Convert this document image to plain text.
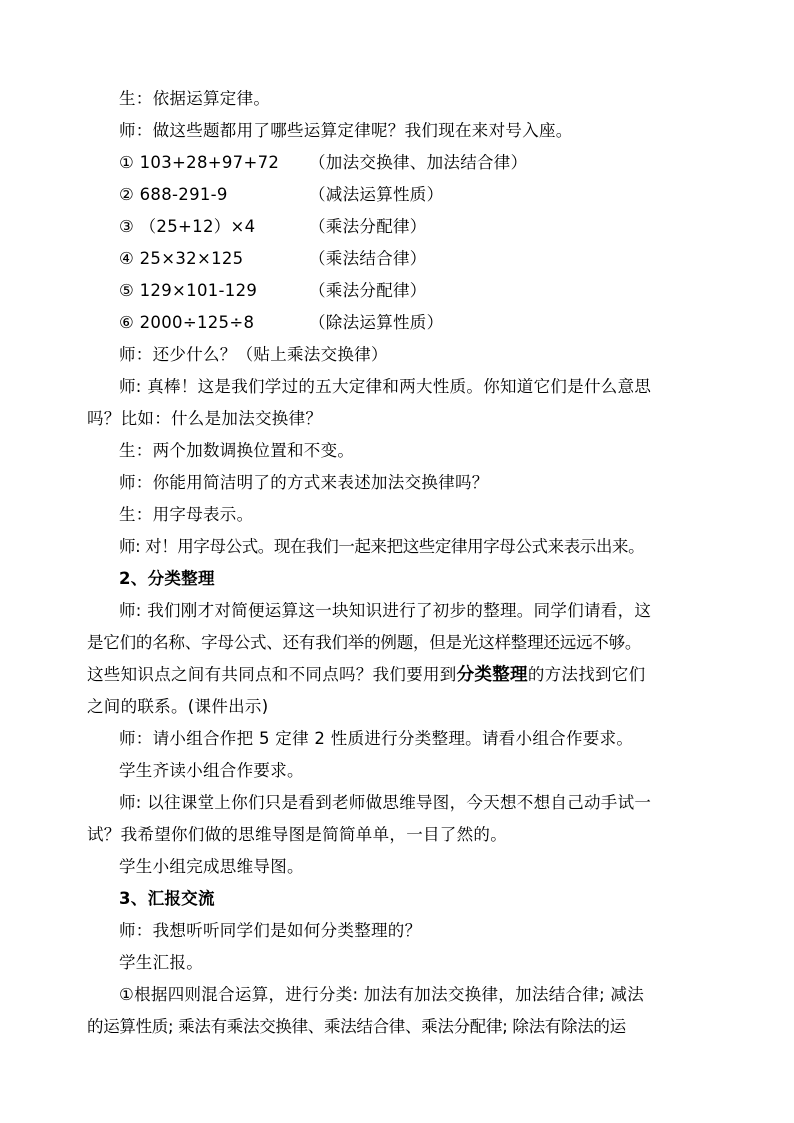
生：依据运算定律。
师：做这些题都用了哪些运算定律呢？我们现在来对号入座。
① 103+28+97+72 （加法交换律、加法结合律）
② 688-291-9	（减法运算性质）
③ （25+12）×4	（乘法分配律）
④ 25×32×125	（乘法结合律）
⑤ 129×101-129	（乘法分配律）
⑥ 2000÷125÷8	（除法运算性质）
师：还少什么？（贴上乘法交换律）
师: 真棒！这是我们学过的五大定律和两大性质。你知道它们是什么意思
吗？比如：什么是加法交换律？
生：两个加数调换位置和不变。
师：你能用简洁明了的方式来表述加法交换律吗？
生：用字母表示。
师: 对！用字母公式。现在我们一起来把这些定律用字母公式来表示出来。
2、分类整理
师: 我们刚才对简便运算这一块知识进行了初步的整理。同学们请看，这
是它们的名称、字母公式、还有我们举的例题，但是光这样整理还远远不够。
这些知识点之间有共同点和不同点吗？我们要用到分类整理的方法找到它们
之间的联系。(课件出示)
师：请小组合作把 5 定律 2 性质进行分类整理。请看小组合作要求。
学生齐读小组合作要求。
师: 以往课堂上你们只是看到老师做思维导图，今天想不想自己动手试一
试？我希望你们做的思维导图是简简单单，一目了然的。
学生小组完成思维导图。
3、汇报交流
师：我想听听同学们是如何分类整理的？
学生汇报。
①根据四则混合运算，进行分类: 加法有加法交换律，加法结合律; 减法
的运算性质; 乘法有乘法交换律、乘法结合律、乘法分配律; 除法有除法的运
